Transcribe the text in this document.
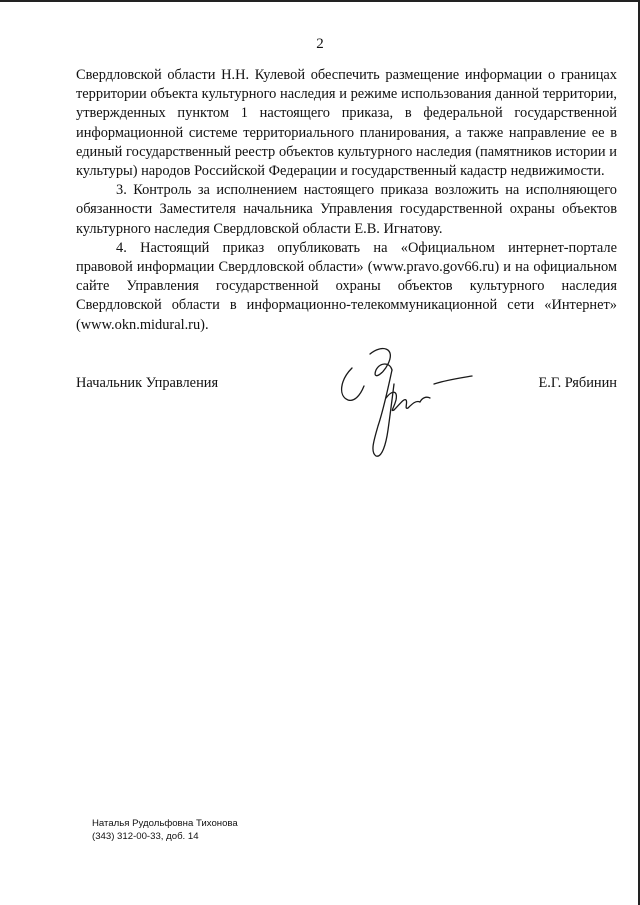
2

Свердловской области Н.Н. Кулевой обеспечить размещение информации о границах территории объекта культурного наследия и режиме использования данной территории, утвержденных пунктом 1 настоящего приказа, в федеральной государственной информационной системе территориального планирования, а также направление ее в единый государственный реестр объектов культурного наследия (памятников истории и культуры) народов Российской Федерации и государственный кадастр недвижимости.

3. Контроль за исполнением настоящего приказа возложить на исполняющего обязанности Заместителя начальника Управления государственной охраны объектов культурного наследия Свердловской области Е.В. Игнатову.

4. Настоящий приказ опубликовать на «Официальном интернет-портале правовой информации Свердловской области» (www.pravo.gov66.ru) и на официальном сайте Управления государственной охраны объектов культурного наследия Свердловской области в информационно-телекоммуникационной сети «Интернет» (www.okn.midural.ru).

Начальник Управления	Е.Г. Рябинин
Наталья Рудольфовна Тихонова
(343) 312-00-33, доб. 14
